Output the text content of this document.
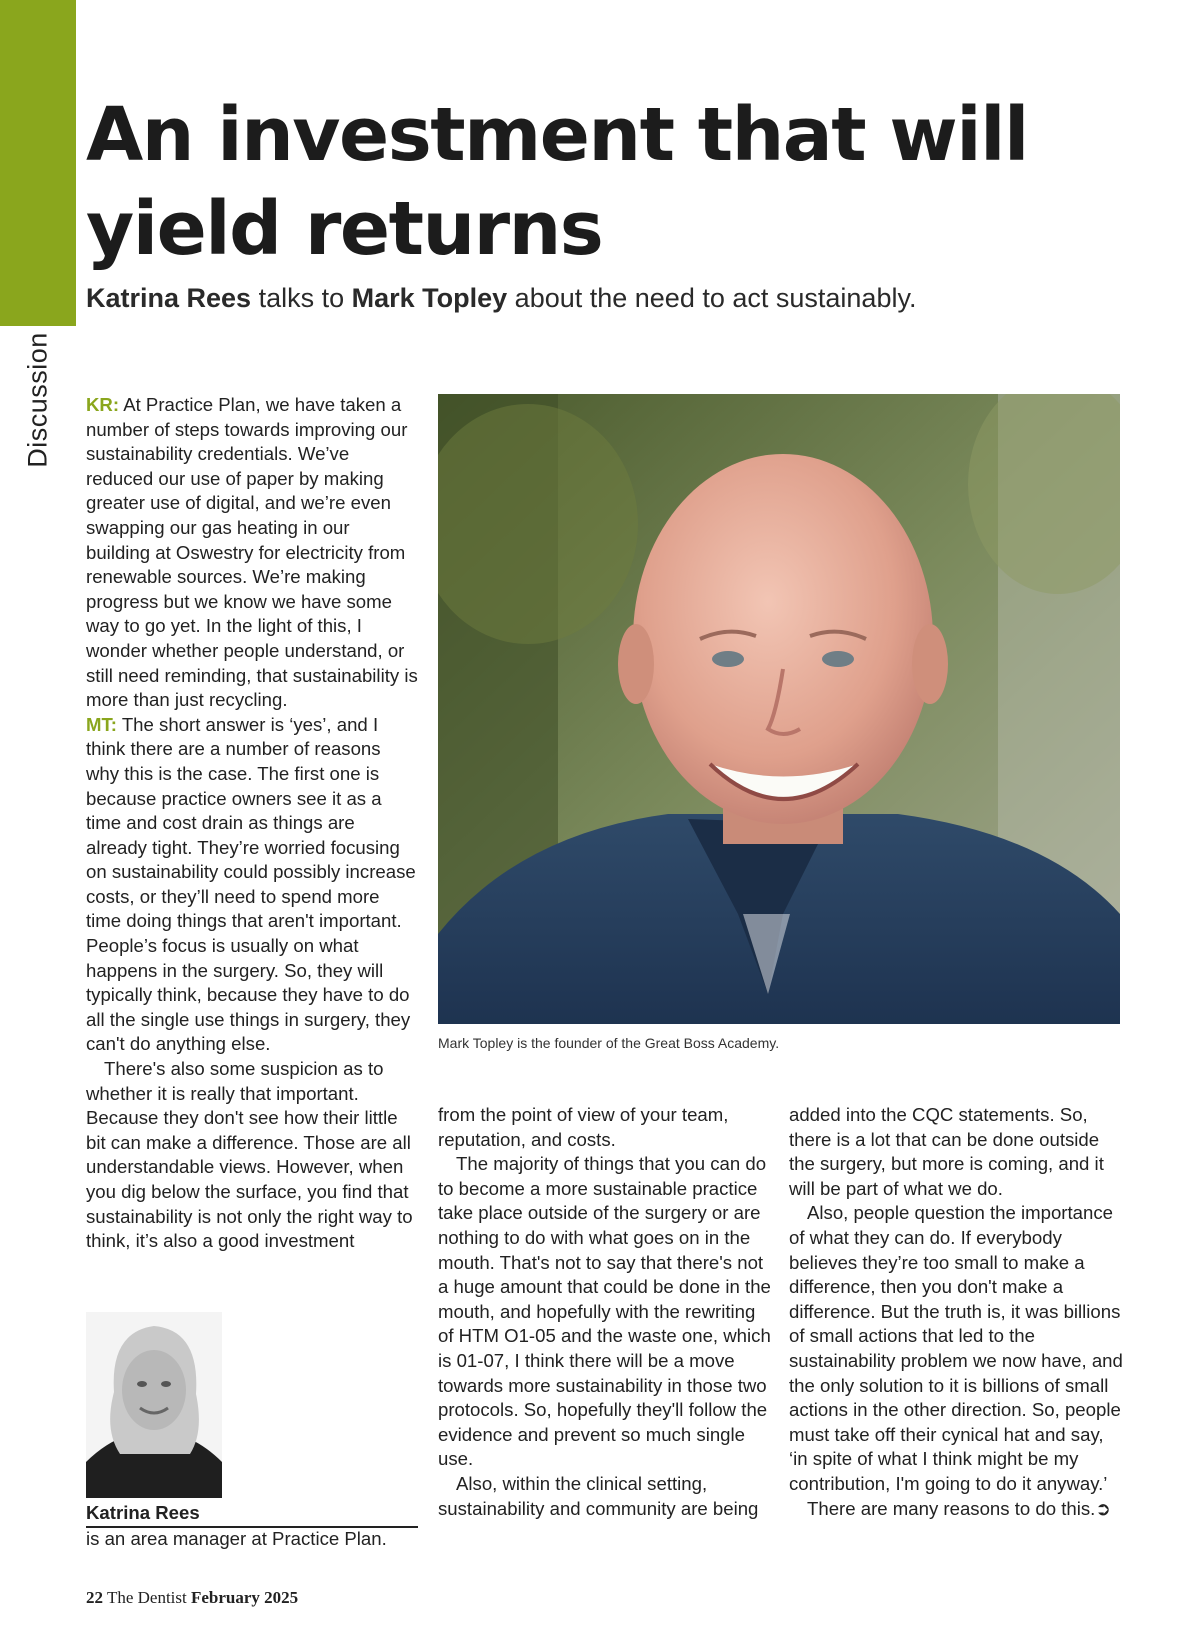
Discussion
An investment that will yield returns

Katrina Rees talks to Mark Topley about the need to act sustainably.

KR: At Practice Plan, we have taken a number of steps towards improving our sustainability credentials. We’ve reduced our use of paper by making greater use of digital, and we’re even swapping our gas heating in our building at Oswestry for electricity from renewable sources. We’re making progress but we know we have some way to go yet. In the light of this, I wonder whether people understand, or still need reminding, that sustainability is more than just recycling.

MT: The short answer is ‘yes’, and I think there are a number of reasons why this is the case. The first one is because practice owners see it as a time and cost drain as things are already tight. They’re worried focusing on sustainability could possibly increase costs, or they’ll need to spend more time doing things that aren't important. People’s focus is usually on what happens in the surgery. So, they will typically think, because they have to do all the single use things in surgery, they can't do anything else.

There's also some suspicion as to whether it is really that important. Because they don't see how their little bit can make a difference. Those are all understandable views. However, when you dig below the surface, you find that sustainability is not only the right way to think, it’s also a good investment

Mark Topley is the founder of the Great Boss Academy.

from the point of view of your team, reputation, and costs.

The majority of things that you can do to become a more sustainable practice take place outside of the surgery or are nothing to do with what goes on in the mouth. That's not to say that there's not a huge amount that could be done in the mouth, and hopefully with the rewriting of HTM O1-05 and the waste one, which is 01-07, I think there will be a move towards more sustainability in those two protocols. So, hopefully they'll follow the evidence and prevent so much single use.

Also, within the clinical setting, sustainability and community are being

added into the CQC statements. So, there is a lot that can be done outside the surgery, but more is coming, and it will be part of what we do.

Also, people question the importance of what they can do. If everybody believes they’re too small to make a difference, then you don't make a difference. But the truth is, it was billions of small actions that led to the sustainability problem we now have, and the only solution to it is billions of small actions in the other direction. So, people must take off their cynical hat and say, ‘in spite of what I think might be my contribution, I'm going to do it anyway.’

There are many reasons to do this.➲

Katrina Rees

is an area manager at Practice Plan.

22 The Dentist February 2025
